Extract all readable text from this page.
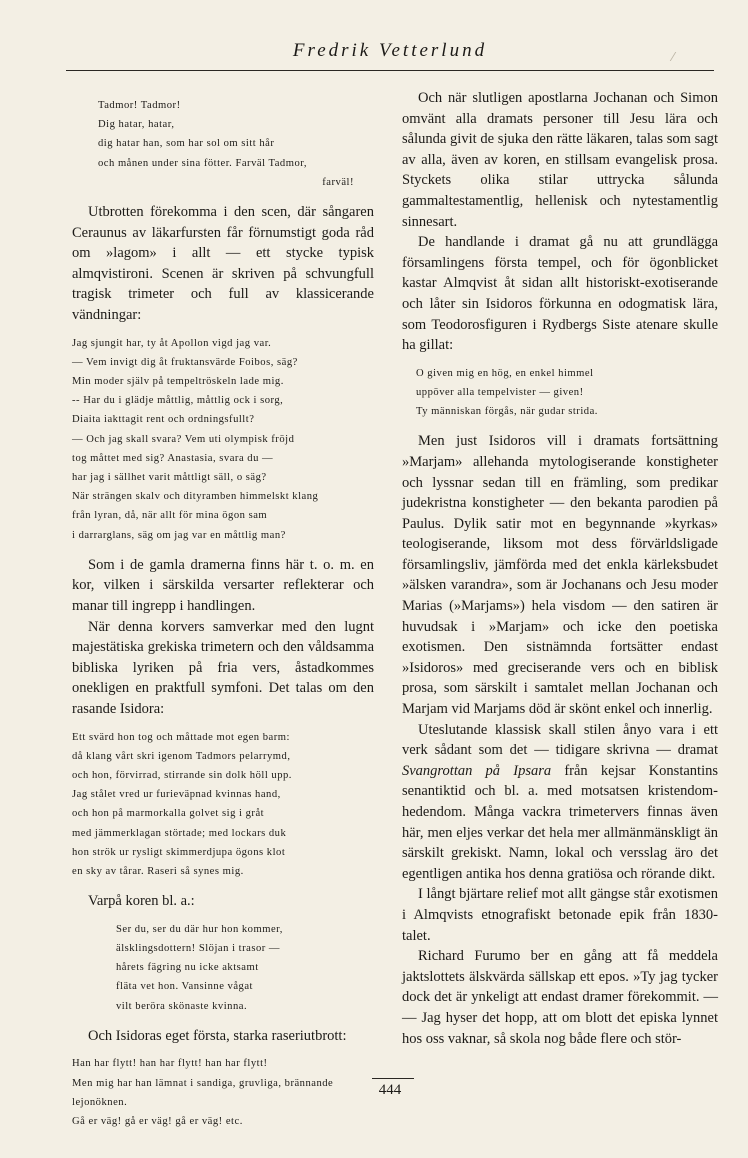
Fredrik Vetterlund	⁄
Tadmor! Tadmor!
Dig hatar, hatar,
dig hatar han, som har sol om sitt hår
och månen under sina fötter. Farväl Tadmor,
farväl!

Utbrotten förekomma i den scen, där sångaren Ceraunus av läkarfursten får förnumstigt goda råd om »lagom» i allt — ett stycke typisk almqvistironi. Scenen är skriven på schvungfull tragisk trimeter och full av klassicerande vändningar:

Jag sjungit har, ty åt Apollon vigd jag var.
— Vem invigt dig åt fruktansvärde Foibos, säg?
Min moder själv på tempeltröskeln lade mig.
-- Har du i glädje måttlig, måttlig ock i sorg,
Diaita iakttagit rent och ordningsfullt?
— Och jag skall svara? Vem uti olymp​isk fröjd
tog måttet med sig? Anastasia, svara du —
har jag i sällhet varit måttligt säll, o säg?
När strängen skalv och dityramben himmelskt klang
från lyran, då, när allt för mina ögon sam
i darrarglans, säg om jag var en måttlig man?

Som i de gamla dramerna finns här t. o. m. en kor, vilken i särskilda versarter reflekterar och manar till ingrepp i handlingen.

När denna korvers samverkar med den lugnt majestätiska grekiska trimetern och den våldsamma bibliska lyriken på fria vers, åstadkommes onekligen en praktfull symfoni. Det talas om den rasande Isidora:

Ett svärd hon tog och måttade mot egen barm:
då klang vårt skri igenom Tadmors pelarrymd,
och hon, förvirrad, stirrande sin dolk höll upp.
Jag stålet vred ur furieväpnad kvinnas hand,
och hon på marmorkalla golvet sig i gråt
med jämmerklagan störtade; med lockars duk
hon strök ur rysligt skimmerdjupa ögons klot
en sky av tårar. Raseri så synes mig.

Varpå koren bl. a.:

Ser du, ser du där hur hon kommer,
älsklingsdottern! Slöjan i trasor —
hårets fägring nu icke aktsamt
fläta vet hon. Vansinne vågat
vilt beröra skönaste kvinna.

Och Isidoras eget första, starka raseriutbrott:

Han har flytt! han har flytt! han har flytt!
Men mig har han lämnat i sandiga, gruvliga, brännande
lejonöknen.
Gå er väg! gå er väg! gå er väg! etc.

Och när slutligen apostlarna Jochanan och Simon omvänt alla dramats personer till Jesu lära och sålunda givit de sjuka den rätte läkaren, talas som sagt av alla, även av koren, en stillsam evangelisk prosa. Styckets olika stilar uttrycka sålunda gammaltestamentlig, hellenisk och nytestamentlig sinnesart.

De handlande i dramat gå nu att grundlägga församlingens första tempel, och för ögonblicket kastar Almqvist åt sidan allt historiskt-exotiserande och låter sin Isidoros förkunna en odogmatisk lära, som Teodorosfiguren i Rydbergs Siste atenare skulle ha gillat:

O given mig en hög, en enkel himmel
uppöver alla tempelvister — given!
Ty människan förgås, när gudar strida.

Men just Isidoros vill i dramats fortsättning »Marjam» allehanda mytologiserande konstigheter och lyssnar sedan till en främling, som predikar judekristna konstigheter — den bekanta parodien på Paulus. Dylik satir mot en begynnande »kyrkas» teologiserande, liksom mot dess förvärldsligade församlingsliv, jämförda med det enkla kärleksbudet »älsken varandra», som är Jochanans och Jesu moder Marias (»Marjams») hela visdom — den satiren är huvudsak i »Marjam» och icke den poetiska exotismen. Den sistnämnda fortsätter endast »Isidoros» med greciserande vers och en biblisk prosa, som särskilt i samtalet mellan Jochanan och Marjam vid Marjams död är skönt enkel och innerlig.

Uteslutande klassisk skall stilen ånyo vara i ett verk sådant som det — tidigare skrivna — dramat Svangrottan på Ipsara från kejsar Konstantins senantiktid och bl. a. med motsatsen kristendom-hedendom. Många vackra trimetervers finnas även här, men eljes verkar det hela mer allmänmänskligt än särskilt grekiskt. Namn, lokal och versslag äro det egentligen antika hos denna gratiösa och rörande dikt.

I långt bjärtare relief mot allt gängse står exotismen i Almqvists etnografiskt betonade epik från 1830-talet.

Richard Furumo ber en gång att få meddela jaktslottets älskvärda sällskap ett epos. »Ty jag tycker dock det är ynkeligt att endast dramer förekommit. — — Jag hyser det hopp, att om blott det episka lynnet hos oss vaknar, så skola nog både flere och stör-

444
